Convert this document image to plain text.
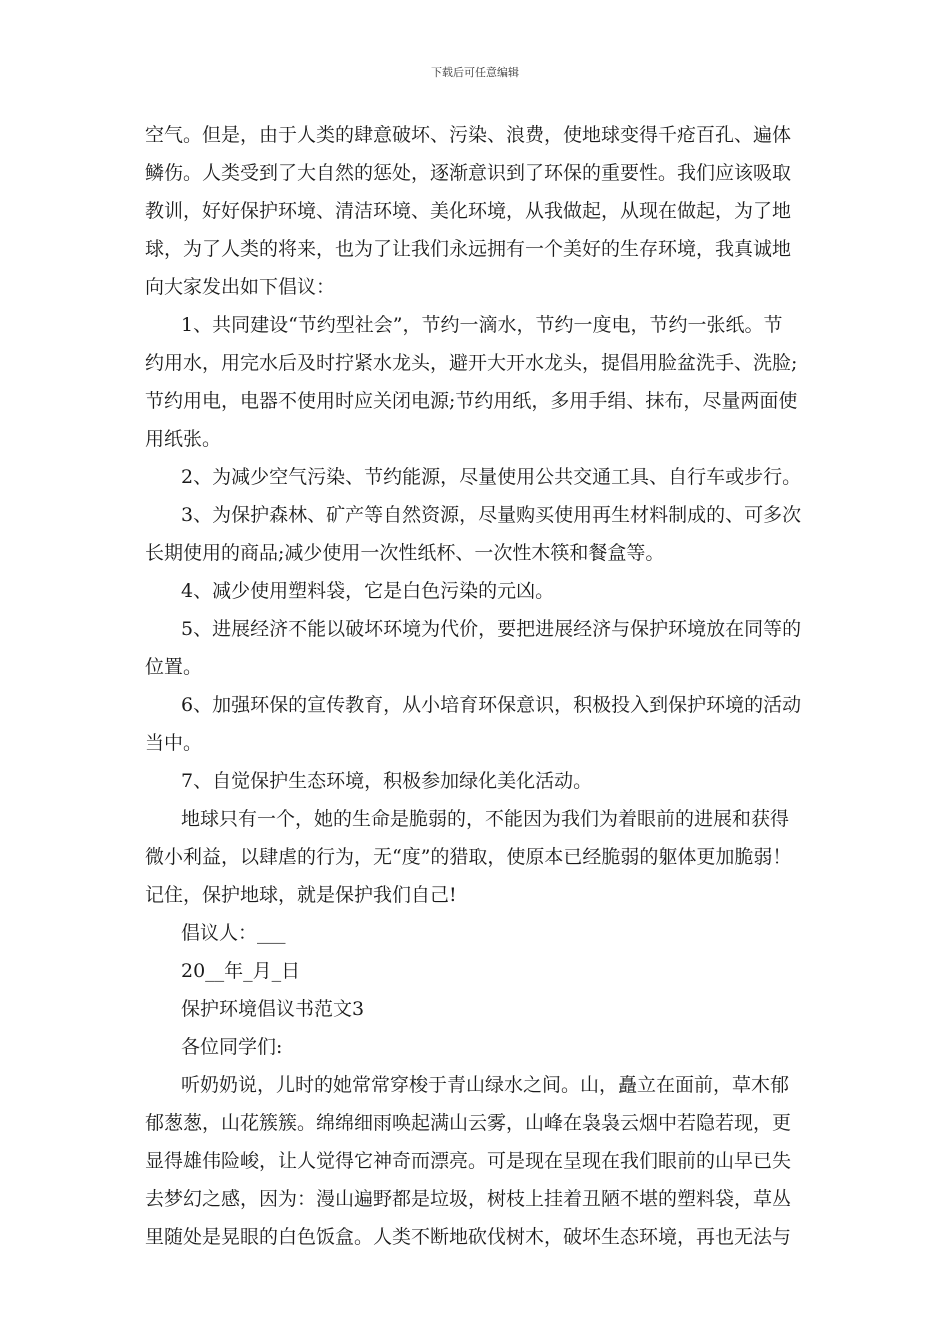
下载后可任意编辑
空气。但是，由于人类的肆意破坏、污染、浪费，使地球变得千疮百孔、遍体
鳞伤。人类受到了大自然的惩处，逐渐意识到了环保的重要性。我们应该吸取
教训，好好保护环境、清洁环境、美化环境，从我做起，从现在做起，为了地
球，为了人类的将来，也为了让我们永远拥有一个美好的生存环境，我真诚地
向大家发出如下倡议：
1、共同建设“节约型社会”，节约一滴水，节约一度电，节约一张纸。节
约用水，用完水后及时拧紧水龙头，避开大开水龙头，提倡用脸盆洗手、洗脸;
节约用电，电器不使用时应关闭电源;节约用纸，多用手绢、抹布，尽量两面使
用纸张。
2、为减少空气污染、节约能源，尽量使用公共交通工具、自行车或步行。
3、为保护森林、矿产等自然资源，尽量购买使用再生材料制成的、可多次
长期使用的商品;减少使用一次性纸杯、一次性木筷和餐盒等。
4、减少使用塑料袋，它是白色污染的元凶。
5、进展经济不能以破坏环境为代价，要把进展经济与保护环境放在同等的
位置。
6、加强环保的宣传教育，从小培育环保意识，积极投入到保护环境的活动
当中。
7、自觉保护生态环境，积极参加绿化美化活动。
地球只有一个，她的生命是脆弱的，不能因为我们为着眼前的进展和获得
微小利益，以肆虐的行为，无“度”的猎取，使原本已经脆弱的躯体更加脆弱！
记住，保护地球，就是保护我们自己!
倡议人：___
20__年_月_日
保护环境倡议书范文3
各位同学们:
听奶奶说，儿时的她常常穿梭于青山绿水之间。山，矗立在面前，草木郁
郁葱葱，山花簇簇。绵绵细雨唤起满山云雾，山峰在袅袅云烟中若隐若现，更
显得雄伟险峻，让人觉得它神奇而漂亮。可是现在呈现在我们眼前的山早已失
去梦幻之感，因为：漫山遍野都是垃圾，树枝上挂着丑陋不堪的塑料袋，草丛
里随处是晃眼的白色饭盒。人类不断地砍伐树木，破坏生态环境，再也无法与
